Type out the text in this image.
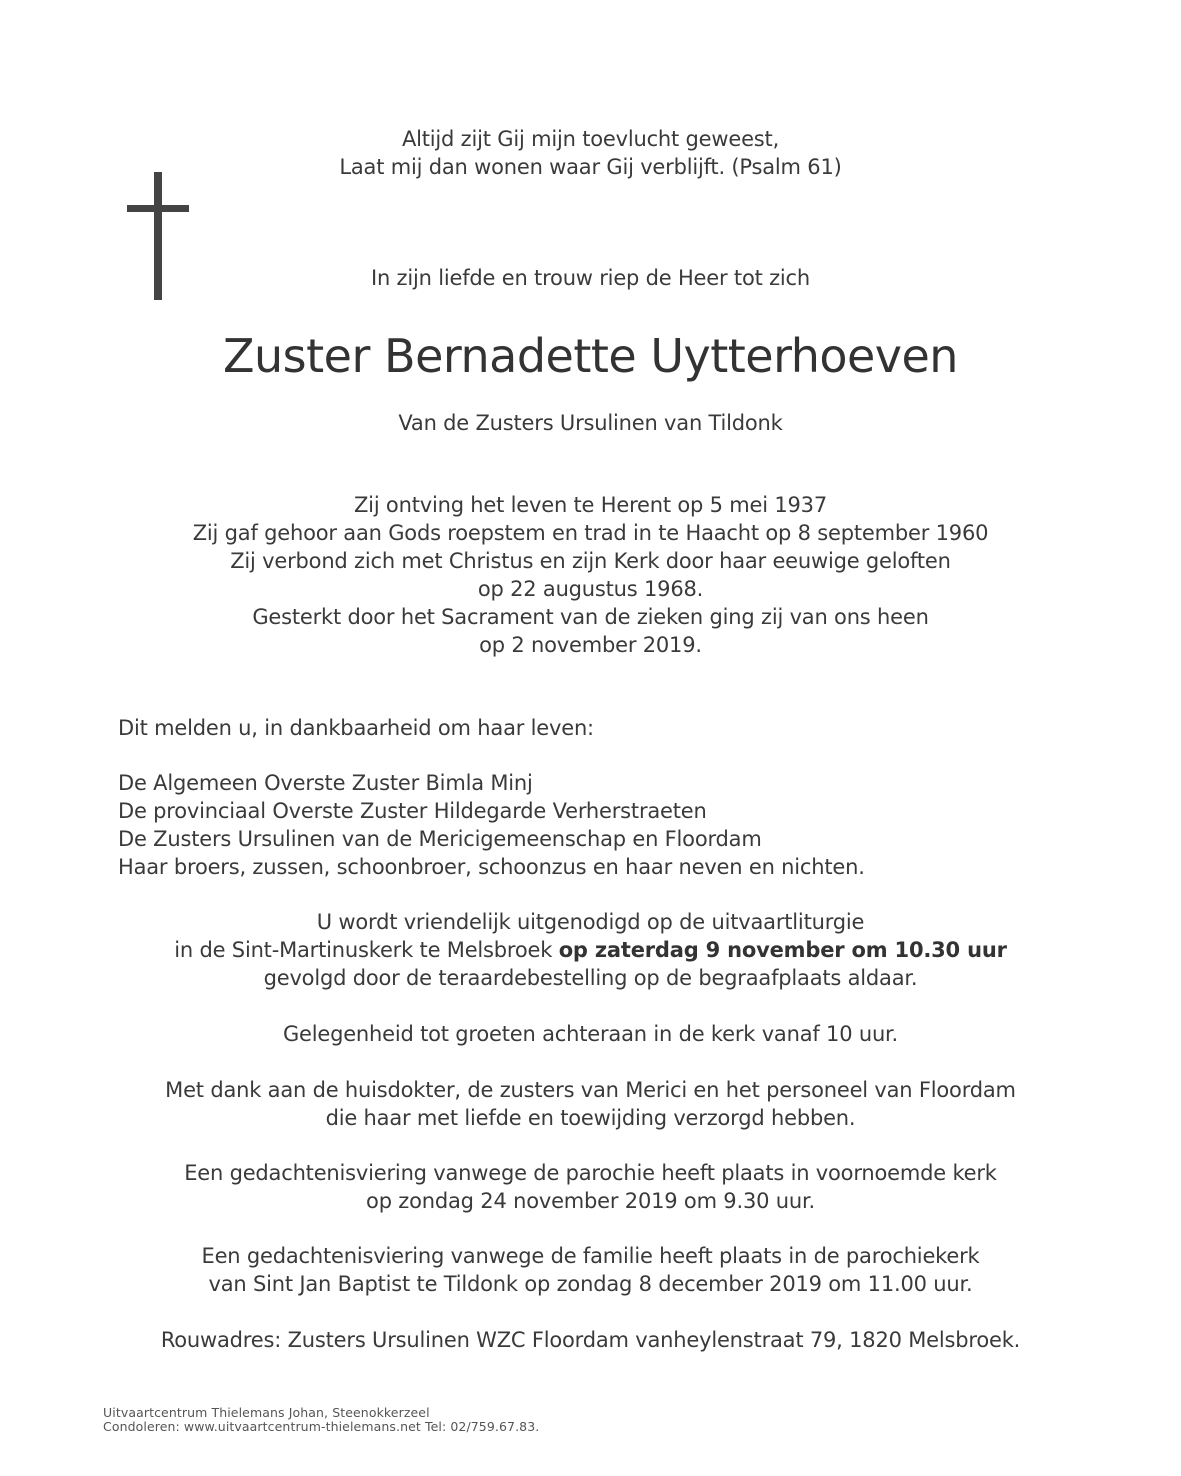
Altijd zijt Gij mijn toevlucht geweest,
Laat mij dan wonen waar Gij verblijft. (Psalm 61)
In zijn liefde en trouw riep de Heer tot zich
Zuster Bernadette Uytterhoeven
Van de Zusters Ursulinen van Tildonk
Zij ontving het leven te Herent op 5 mei 1937
Zij gaf gehoor aan Gods roepstem en trad in te Haacht op 8 september 1960
Zij verbond zich met Christus en zijn Kerk door haar eeuwige geloften
op 22 augustus 1968.
Gesterkt door het Sacrament van de zieken ging zij van ons heen
op 2 november 2019.
Dit melden u, in dankbaarheid om haar leven:
De Algemeen Overste Zuster Bimla Minj
De provinciaal Overste Zuster Hildegarde Verherstraeten
De Zusters Ursulinen van de Mericigemeenschap en Floordam
Haar broers, zussen, schoonbroer, schoonzus en haar neven en nichten.
U wordt vriendelijk uitgenodigd op de uitvaartliturgie
in de Sint-Martinuskerk te Melsbroek op zaterdag 9 november om 10.30 uur
gevolgd door de teraardebestelling op de begraafplaats aldaar.
Gelegenheid tot groeten achteraan in de kerk vanaf 10 uur.
Met dank aan de huisdokter, de zusters van Merici en het personeel van Floordam
die haar met liefde en toewijding verzorgd hebben.
Een gedachtenisviering vanwege de parochie heeft plaats in voornoemde kerk
op zondag 24 november 2019 om 9.30 uur.
Een gedachtenisviering vanwege de familie heeft plaats in de parochiekerk
van Sint Jan Baptist te Tildonk op zondag 8 december 2019 om 11.00 uur.
Rouwadres: Zusters Ursulinen WZC Floordam vanheylenstraat 79, 1820 Melsbroek.
Uitvaartcentrum Thielemans Johan, Steenokkerzeel
Condoleren: www.uitvaartcentrum-thielemans.net Tel: 02/759.67.83.
